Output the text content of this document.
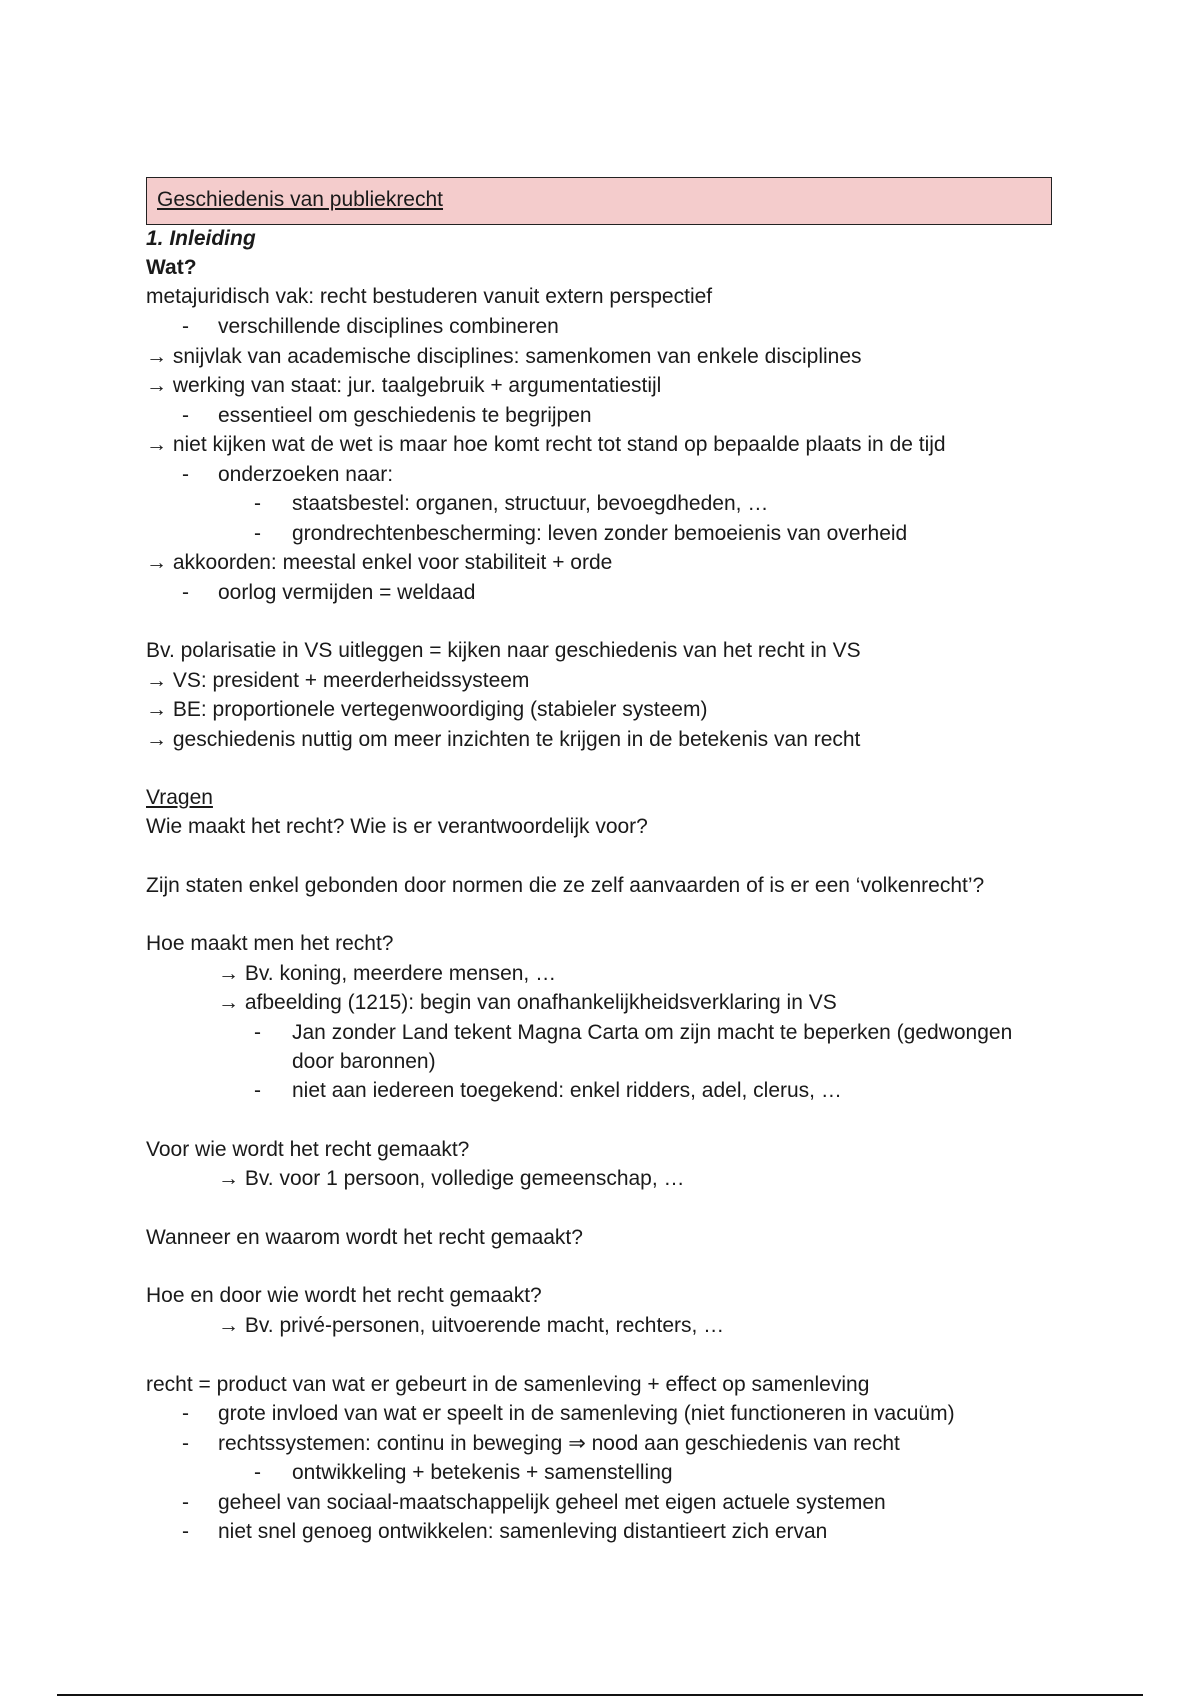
Geschiedenis van publiekrecht
1. Inleiding
Wat?
metajuridisch vak: recht bestuderen vanuit extern perspectief
- verschillende disciplines combineren
→ snijvlak van academische disciplines: samenkomen van enkele disciplines
→ werking van staat: jur. taalgebruik + argumentatiestijl
- essentieel om geschiedenis te begrijpen
→ niet kijken wat de wet is maar hoe komt recht tot stand op bepaalde plaats in de tijd
- onderzoeken naar:
- staatsbestel: organen, structuur, bevoegdheden, …
- grondrechtenbescherming: leven zonder bemoeienis van overheid
→ akkoorden: meestal enkel voor stabiliteit + orde
- oorlog vermijden = weldaad
Bv. polarisatie in VS uitleggen = kijken naar geschiedenis van het recht in VS
→ VS: president + meerderheidssysteem
→ BE: proportionele vertegenwoordiging (stabieler systeem)
→ geschiedenis nuttig om meer inzichten te krijgen in de betekenis van recht
Vragen
Wie maakt het recht? Wie is er verantwoordelijk voor?
Zijn staten enkel gebonden door normen die ze zelf aanvaarden of is er een ‘volkenrecht’?
Hoe maakt men het recht?
→ Bv. koning, meerdere mensen, …
→ afbeelding (1215): begin van onafhankelijkheidsverklaring in VS
- Jan zonder Land tekent Magna Carta om zijn macht te beperken (gedwongen
door baronnen)
- niet aan iedereen toegekend: enkel ridders, adel, clerus, …
Voor wie wordt het recht gemaakt?
→ Bv. voor 1 persoon, volledige gemeenschap, …
Wanneer en waarom wordt het recht gemaakt?
Hoe en door wie wordt het recht gemaakt?
→ Bv. privé-personen, uitvoerende macht, rechters, …
recht = product van wat er gebeurt in de samenleving + effect op samenleving
- grote invloed van wat er speelt in de samenleving (niet functioneren in vacuüm)
- rechtssystemen: continu in beweging ⇒ nood aan geschiedenis van recht
- ontwikkeling + betekenis + samenstelling
- geheel van sociaal-maatschappelijk geheel met eigen actuele systemen
- niet snel genoeg ontwikkelen: samenleving distantieert zich ervan
